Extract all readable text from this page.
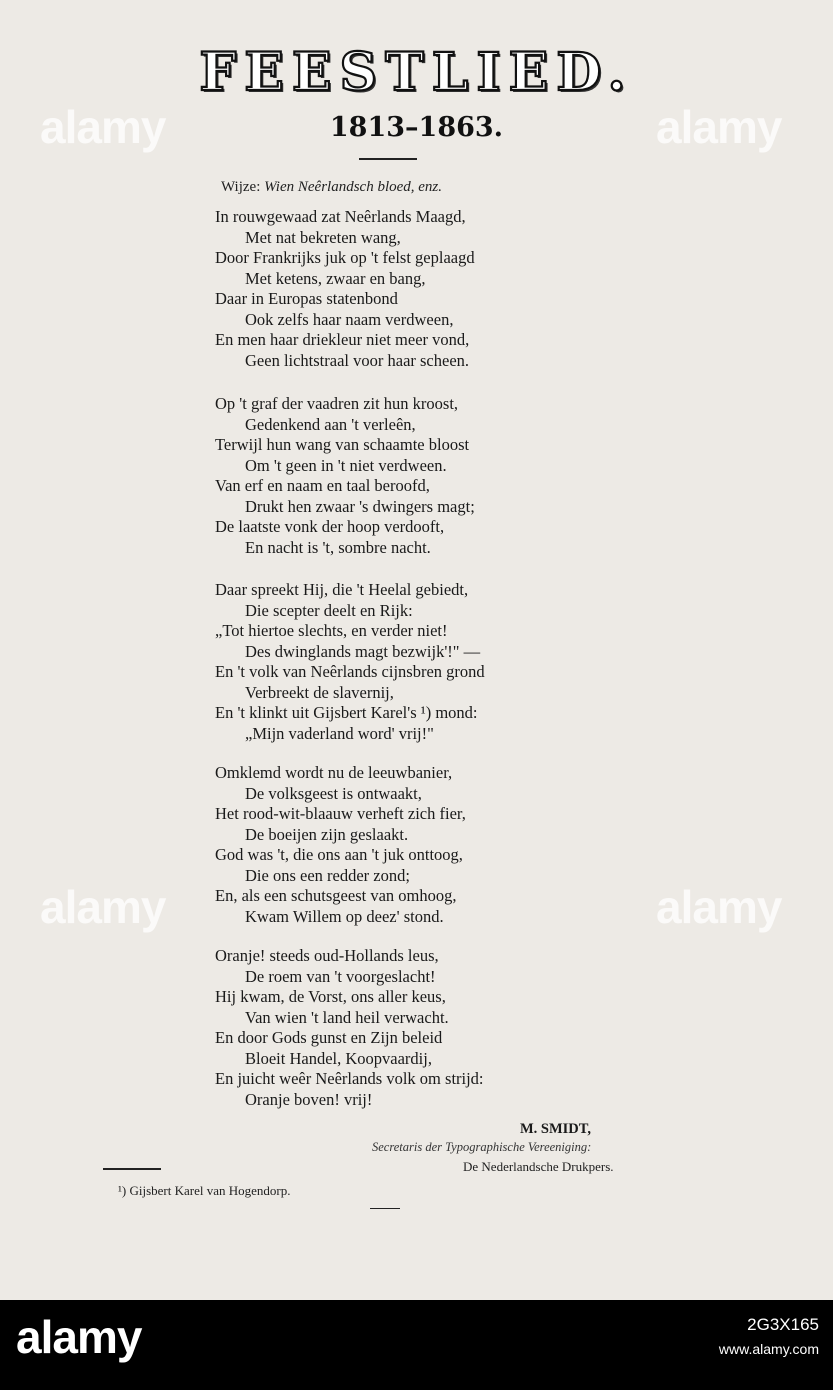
alamy
alamy
alamy
alamy
FEESTLIED.
1813–1863.
Wijze: Wien Neêrlandsch bloed, enz.
In rouwgewaad zat Neêrlands Maagd,
Met nat bekreten wang,
Door Frankrijks juk op 't felst geplaagd
Met ketens, zwaar en bang,
Daar in Europas statenbond
Ook zelfs haar naam verdween,
En men haar driekleur niet meer vond,
Geen lichtstraal voor haar scheen.
Op 't graf der vaadren zit hun kroost,
Gedenkend aan 't verleên,
Terwijl hun wang van schaamte bloost
Om 't geen in 't niet verdween.
Van erf en naam en taal beroofd,
Drukt hen zwaar 's dwingers magt;
De laatste vonk der hoop verdooft,
En nacht is 't, sombre nacht.
Daar spreekt Hij, die 't Heelal gebiedt,
Die scepter deelt en Rijk:
„Tot hiertoe slechts, en verder niet!
Des dwinglands magt bezwijk'!" —
En 't volk van Neêrlands cijnsbren grond
Verbreekt de slavernij,
En 't klinkt uit Gijsbert Karel's ¹) mond:
„Mijn vaderland word' vrij!"
Omklemd wordt nu de leeuwbanier,
De volksgeest is ontwaakt,
Het rood-wit-blaauw verheft zich fier,
De boeijen zijn geslaakt.
God was 't, die ons aan 't juk onttoog,
Die ons een redder zond;
En, als een schutsgeest van omhoog,
Kwam Willem op deez' stond.
Oranje! steeds oud-Hollands leus,
De roem van 't voorgeslacht!
Hij kwam, de Vorst, ons aller keus,
Van wien 't land heil verwacht.
En door Gods gunst en Zijn beleid
Bloeit Handel, Koopvaardij,
En juicht weêr Neêrlands volk om strijd:
Oranje boven! vrij!
M. SMIDT,
Secretaris der Typographische Vereeniging:
De Nederlandsche Drukpers.
¹) Gijsbert Karel van Hogendorp.
alamy	2G3X165
www.alamy.com
